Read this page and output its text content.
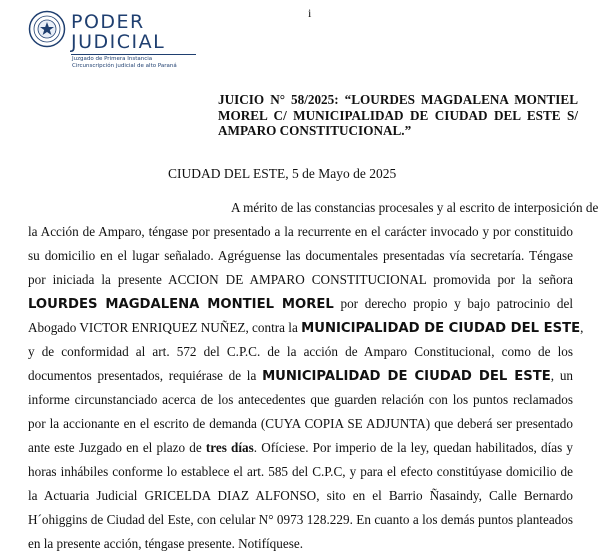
PODER
JUDICIAL
Juzgado de Primera Instancia
Circunscripción judicial de alto Paraná
i
JUICIO N° 58/2025: “LOURDES MAGDALENA MONTIEL MOREL C/ MUNICIPALIDAD DE CIUDAD DEL ESTE S/ AMPARO CONSTITUCIONAL.”
CIUDAD DEL ESTE, 5 de Mayo de 2025
A mérito de las constancias procesales y al escrito de interposición de
la Acción de Amparo, téngase por presentado a la recurrente en el carácter invocado y por constituido
su domicilio en el lugar señalado. Agréguense las documentales presentadas vía secretaría. Téngase
por iniciada la presente ACCION DE AMPARO CONSTITUCIONAL promovida por la señora
LOURDES MAGDALENA MONTIEL MOREL por derecho propio y bajo patrocinio del
Abogado VICTOR ENRIQUEZ NUÑEZ, contra la MUNICIPALIDAD DE CIUDAD DEL ESTE,
y de conformidad al art. 572 del C.P.C. de la acción de Amparo Constitucional, como de los
documentos presentados, requiérase de la MUNICIPALIDAD DE CIUDAD DEL ESTE, un
informe circunstanciado acerca de los antecedentes que guarden relación con los puntos reclamados
por la accionante en el escrito de demanda (CUYA COPIA SE ADJUNTA) que deberá ser presentado
ante este Juzgado en el plazo de tres días. Ofíciese. Por imperio de la ley, quedan habilitados, días y
horas inhábiles conforme lo establece el art. 585 del C.P.C, y para el efecto constitúyase domicilio de
la Actuaria Judicial GRICELDA DIAZ ALFONSO, sito en el Barrio Ñasaindy, Calle Bernardo
H´ohiggins de Ciudad del Este, con celular N° 0973 128.229. En cuanto a los demás puntos planteados
en la presente acción, téngase presente. Notifíquese.
